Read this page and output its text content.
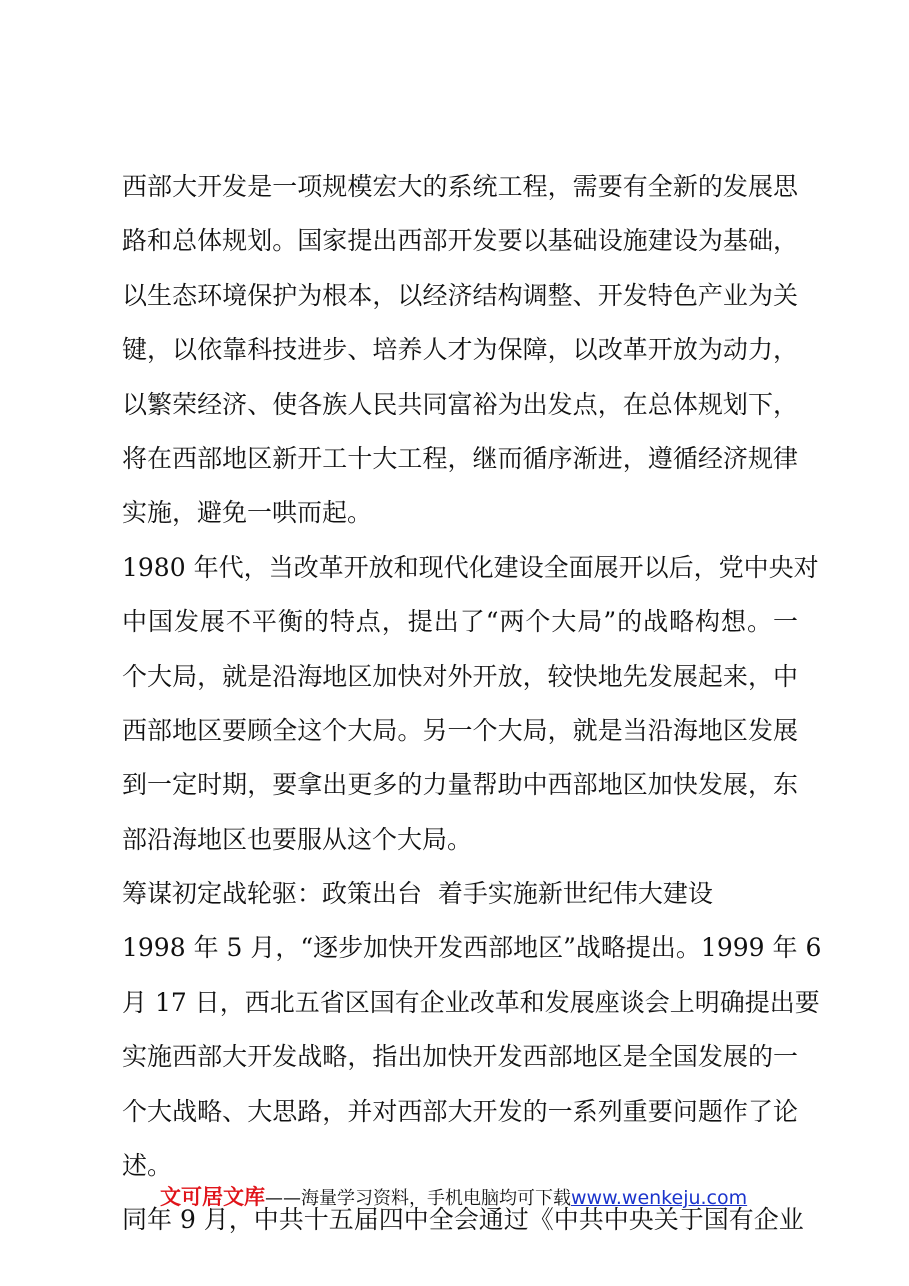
西部大开发是一项规模宏大的系统工程，需要有全新的发展思
路和总体规划。国家提出西部开发要以基础设施建设为基础，
以生态环境保护为根本，以经济结构调整、开发特色产业为关
键，以依靠科技进步、培养人才为保障，以改革开放为动力，
以繁荣经济、使各族人民共同富裕为出发点，在总体规划下，
将在西部地区新开工十大工程，继而循序渐进，遵循经济规律
实施，避免一哄而起。
1980 年代，当改革开放和现代化建设全面展开以后，党中央对
中国发展不平衡的特点，提出了“两个大局”的战略构想。一
个大局，就是沿海地区加快对外开放，较快地先发展起来，中
西部地区要顾全这个大局。另一个大局，就是当沿海地区发展
到一定时期，要拿出更多的力量帮助中西部地区加快发展，东
部沿海地区也要服从这个大局。
筹谋初定战轮驱：政策出台  着手实施新世纪伟大建设
1998 年 5 月，“逐步加快开发西部地区”战略提出。1999 年 6
月 17 日，西北五省区国有企业改革和发展座谈会上明确提出要
实施西部大开发战略，指出加快开发西部地区是全国发展的一
个大战略、大思路，并对西部大开发的一系列重要问题作了论
述。
同年 9 月，中共十五届四中全会通过《中共中央关于国有企业
文可居文库——海量学习资料，手机电脑均可下载www.wenkeju.com
